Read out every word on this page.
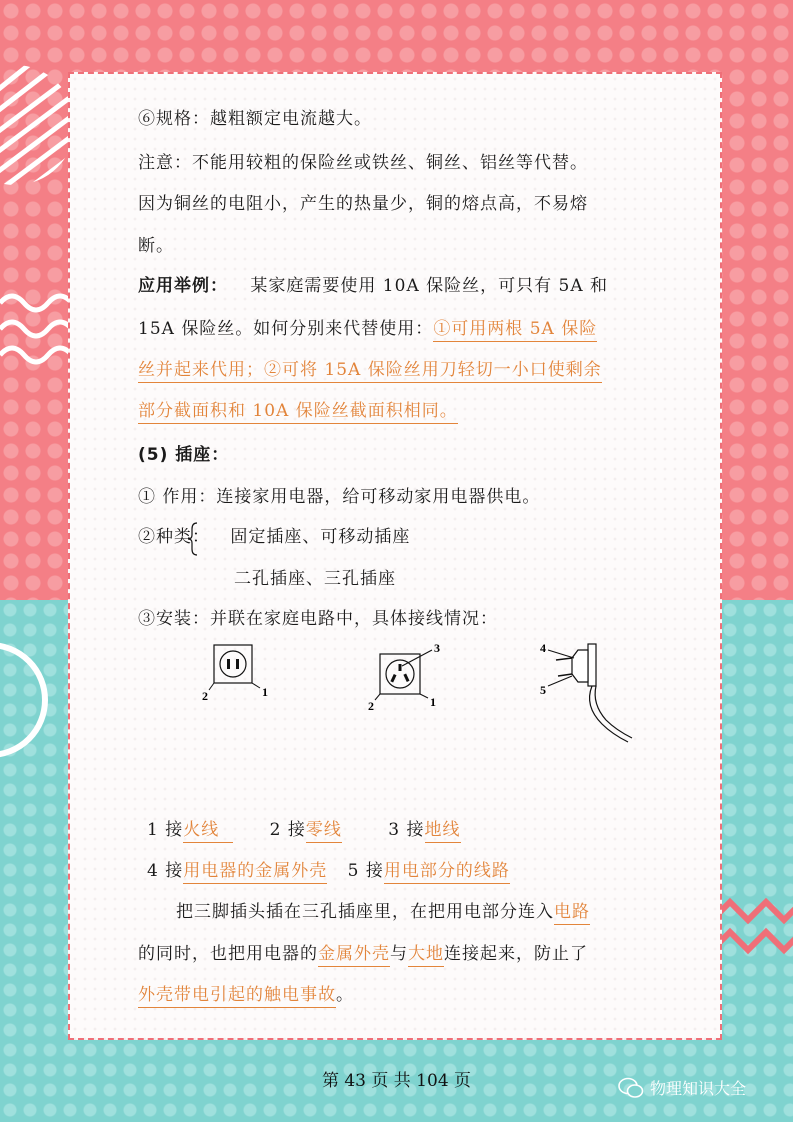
⑥规格：越粗额定电流越大。
注意：不能用较粗的保险丝或铁丝、铜丝、铝丝等代替。
因为铜丝的电阻小，产生的热量少，铜的熔点高，不易熔
断。
应用举例： 某家庭需要使用 10A 保险丝，可只有 5A 和
15A 保险丝。如何分别来代替使用：①可用两根 5A 保险
丝并起来代用；②可将 15A 保险丝用刀轻切一小口使剩余
部分截面积和 10A 保险丝截面积相同。
(5) 插座：
① 作用：连接家用电器，给可移动家用电器供电。
②种类： 固定插座、可移动插座
二孔插座、三孔插座
③安装：并联在家庭电路中，具体接线情况：
2	1
3
2	1
4
5
1 接火线	2 接零线	3 接地线
4 接用电器的金属外壳 5 接用电部分的线路
把三脚插头插在三孔插座里，在把用电部分连入电路
的同时，也把用电器的金属外壳与大地连接起来，防止了
外壳带电引起的触电事故。
第 43 页 共 104 页	物理知识大全
